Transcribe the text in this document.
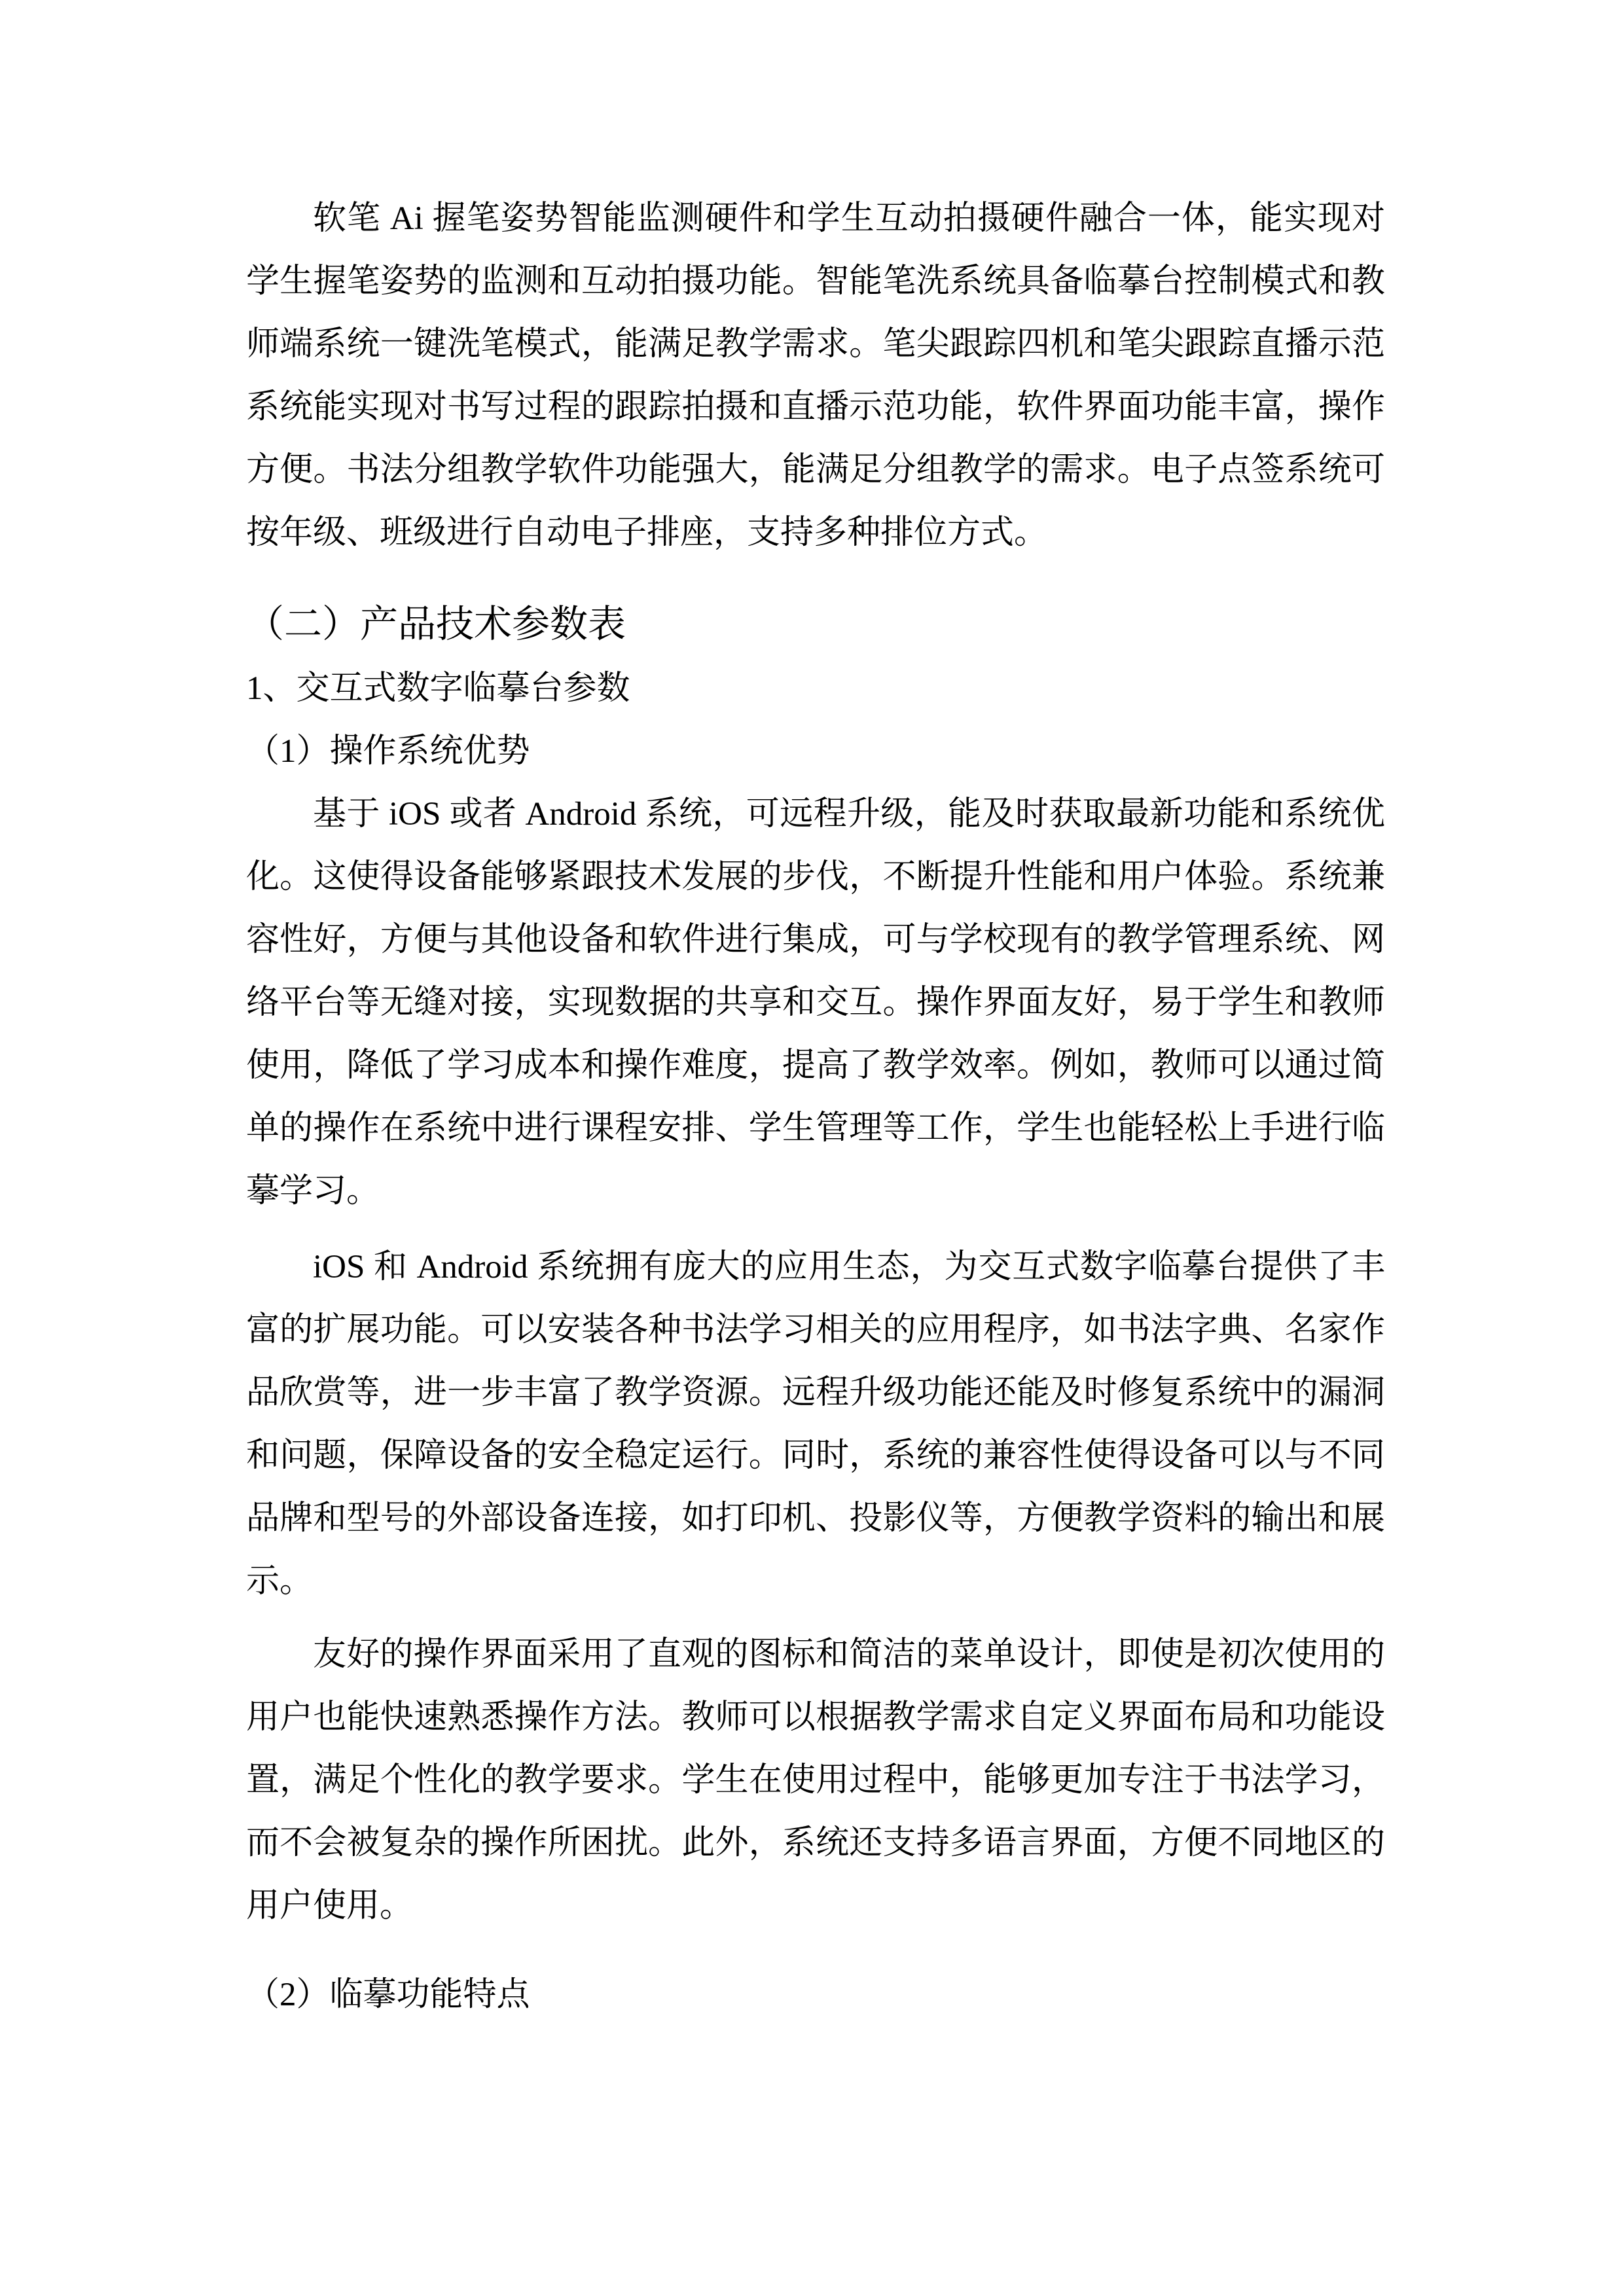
软笔 Ai 握笔姿势智能监测硬件和学生互动拍摄硬件融合一体，能实现对学生握笔姿势的监测和互动拍摄功能。智能笔洗系统具备临摹台控制模式和教师端系统一键洗笔模式，能满足教学需求。笔尖跟踪四机和笔尖跟踪直播示范系统能实现对书写过程的跟踪拍摄和直播示范功能，软件界面功能丰富，操作方便。书法分组教学软件功能强大，能满足分组教学的需求。电子点签系统可按年级、班级进行自动电子排座，支持多种排位方式。

（二）产品技术参数表

1、交互式数字临摹台参数

（1）操作系统优势

基于 iOS 或者 Android 系统，可远程升级，能及时获取最新功能和系统优化。这使得设备能够紧跟技术发展的步伐，不断提升性能和用户体验。系统兼容性好，方便与其他设备和软件进行集成，可与学校现有的教学管理系统、网络平台等无缝对接，实现数据的共享和交互。操作界面友好，易于学生和教师使用，降低了学习成本和操作难度，提高了教学效率。例如，教师可以通过简单的操作在系统中进行课程安排、学生管理等工作，学生也能轻松上手进行临摹学习。

iOS 和 Android 系统拥有庞大的应用生态，为交互式数字临摹台提供了丰富的扩展功能。可以安装各种书法学习相关的应用程序，如书法字典、名家作品欣赏等，进一步丰富了教学资源。远程升级功能还能及时修复系统中的漏洞和问题，保障设备的安全稳定运行。同时，系统的兼容性使得设备可以与不同品牌和型号的外部设备连接，如打印机、投影仪等，方便教学资料的输出和展示。

友好的操作界面采用了直观的图标和简洁的菜单设计，即使是初次使用的用户也能快速熟悉操作方法。教师可以根据教学需求自定义界面布局和功能设置，满足个性化的教学要求。学生在使用过程中，能够更加专注于书法学习，而不会被复杂的操作所困扰。此外，系统还支持多语言界面，方便不同地区的用户使用。

（2）临摹功能特点
